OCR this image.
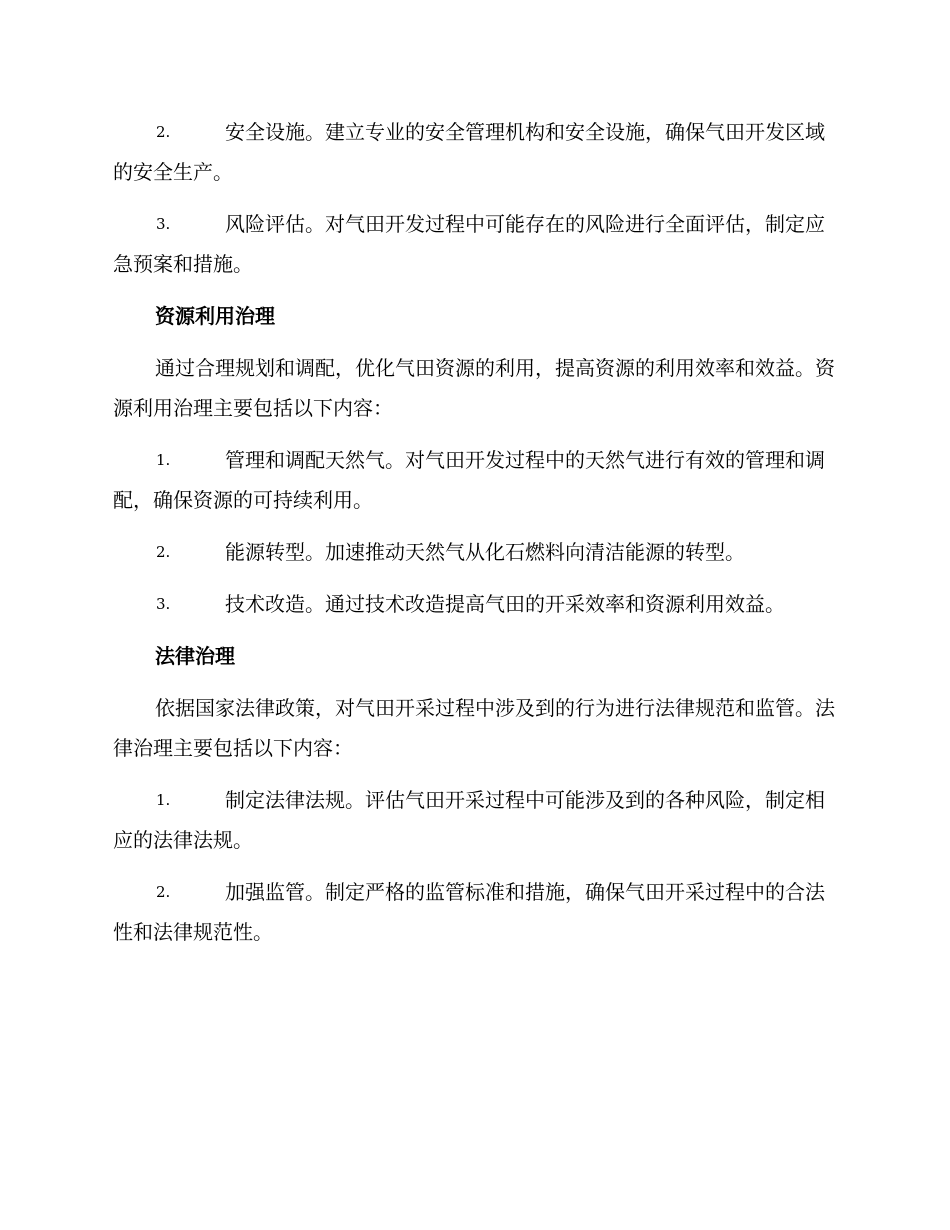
2.	安全设施。建立专业的安全管理机构和安全设施，确保气田开发区域的安全生产。
3.	风险评估。对气田开发过程中可能存在的风险进行全面评估，制定应急预案和措施。
资源利用治理
通过合理规划和调配，优化气田资源的利用，提高资源的利用效率和效益。资源利用治理主要包括以下内容：
1.	管理和调配天然气。对气田开发过程中的天然气进行有效的管理和调配，确保资源的可持续利用。
2.	能源转型。加速推动天然气从化石燃料向清洁能源的转型。
3.	技术改造。通过技术改造提高气田的开采效率和资源利用效益。
法律治理
依据国家法律政策，对气田开采过程中涉及到的行为进行法律规范和监管。法律治理主要包括以下内容：
1.	制定法律法规。评估气田开采过程中可能涉及到的各种风险，制定相应的法律法规。
2.	加强监管。制定严格的监管标准和措施，确保气田开采过程中的合法性和法律规范性。
